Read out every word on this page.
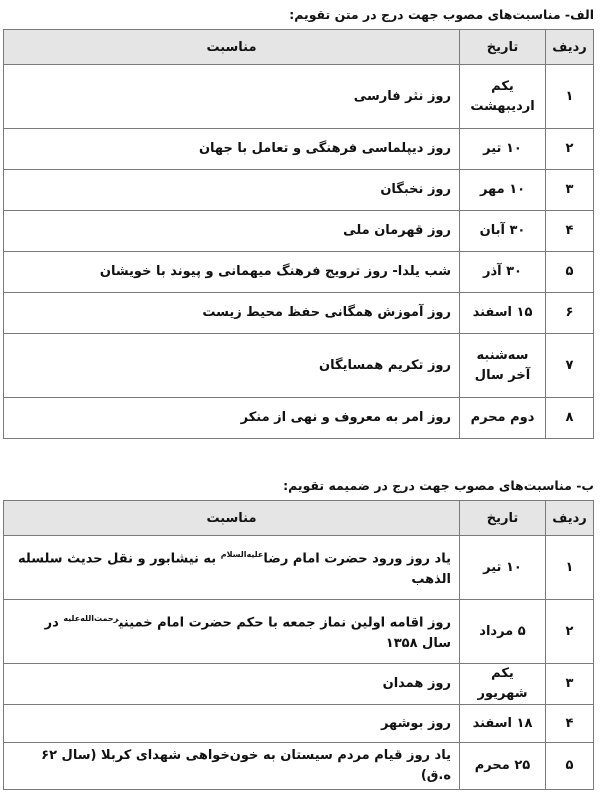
الف- مناسبت‌های مصوب جهت درج در متن تقویم:
ردیف	تاریخ	مناسبت
۱	یکم اردیبهشت	روز نثر فارسی
۲	۱۰ تیر	روز دیپلماسی فرهنگی و تعامل با جهان
۳	۱۰ مهر	روز نخبگان
۴	۳۰ آبان	روز قهرمان ملی
۵	۳۰ آذر	شب یلدا- روز ترویج فرهنگ میهمانی و پیوند با خویشان
۶	۱۵ اسفند	روز آموزش همگانی حفظ محیط زیست
۷	سه‌شنبه آخر سال	روز تکریم همسایگان
۸	دوم محرم	روز امر به معروف و نهی از منکر
ب- مناسبت‌های مصوب جهت درج در ضمیمه تقویم:
ردیف	تاریخ	مناسبت
۱	۱۰ تیر	یاد روز ورود حضرت امام رضا$^{علیه‌السلام}$ به نیشابور و نقل حدیث سلسله الذهب
۲	۵ مرداد	روز اقامه اولین نماز جمعه با حکم حضرت امام خمینی$^{رحمت‌الله‌علیه}$ در سال ۱۳۵۸
۳	یکم شهریور	روز همدان
۴	۱۸ اسفند	روز بوشهر
۵	۲۵ محرم	یاد روز قیام مردم سیستان به خون‌خواهی شهدای کربلا (سال ۶۲ ه.ق)
